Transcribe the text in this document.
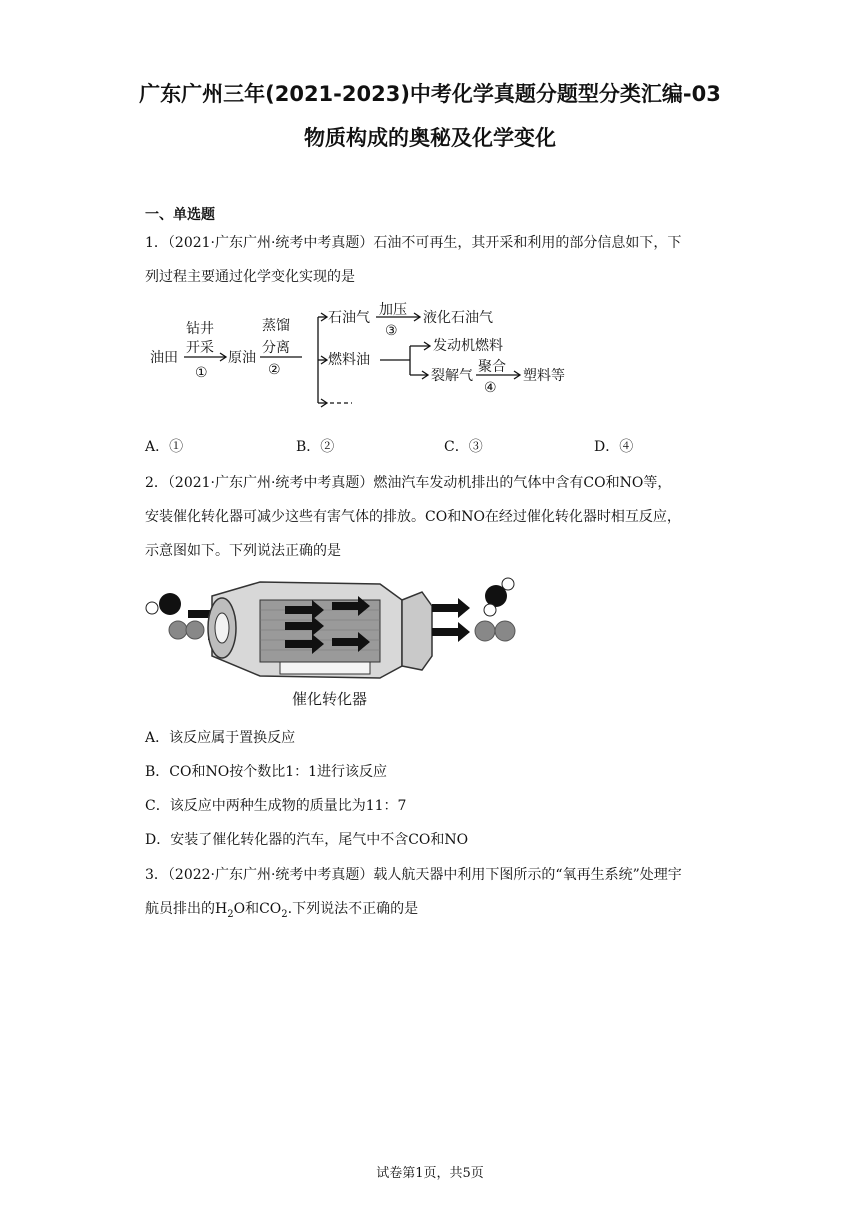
广东广州三年(2021-2023)中考化学真题分题型分类汇编-03
物质构成的奥秘及化学变化
一、单选题
1．（2021·广东广州·统考中考真题）石油不可再生，其开采和利用的部分信息如下，下
列过程主要通过化学变化实现的是
油田
钻井
开采
①
原油
蒸馏
分离
②
石油气 加压
③
液化石油气
燃料油
发动机燃料
裂解气
聚合
④
塑料等
A．①	B．②	C．③	D．④
2．（2021·广东广州·统考中考真题）燃油汽车发动机排出的气体中含有CO和NO等，
安装催化转化器可减少这些有害气体的排放。CO和NO在经过催化转化器时相互反应，
示意图如下。下列说法正确的是
催化转化器
A．该反应属于置换反应
B．CO和NO按个数比1：1进行该反应
C．该反应中两种生成物的质量比为11：7
D．安装了催化转化器的汽车，尾气中不含CO和NO
3．（2022·广东广州·统考中考真题）载人航天器中利用下图所示的“氧再生系统”处理宇
航员排出的$H_2O$和$CO_2$.下列说法不正确的是
试卷第1页，共5页
